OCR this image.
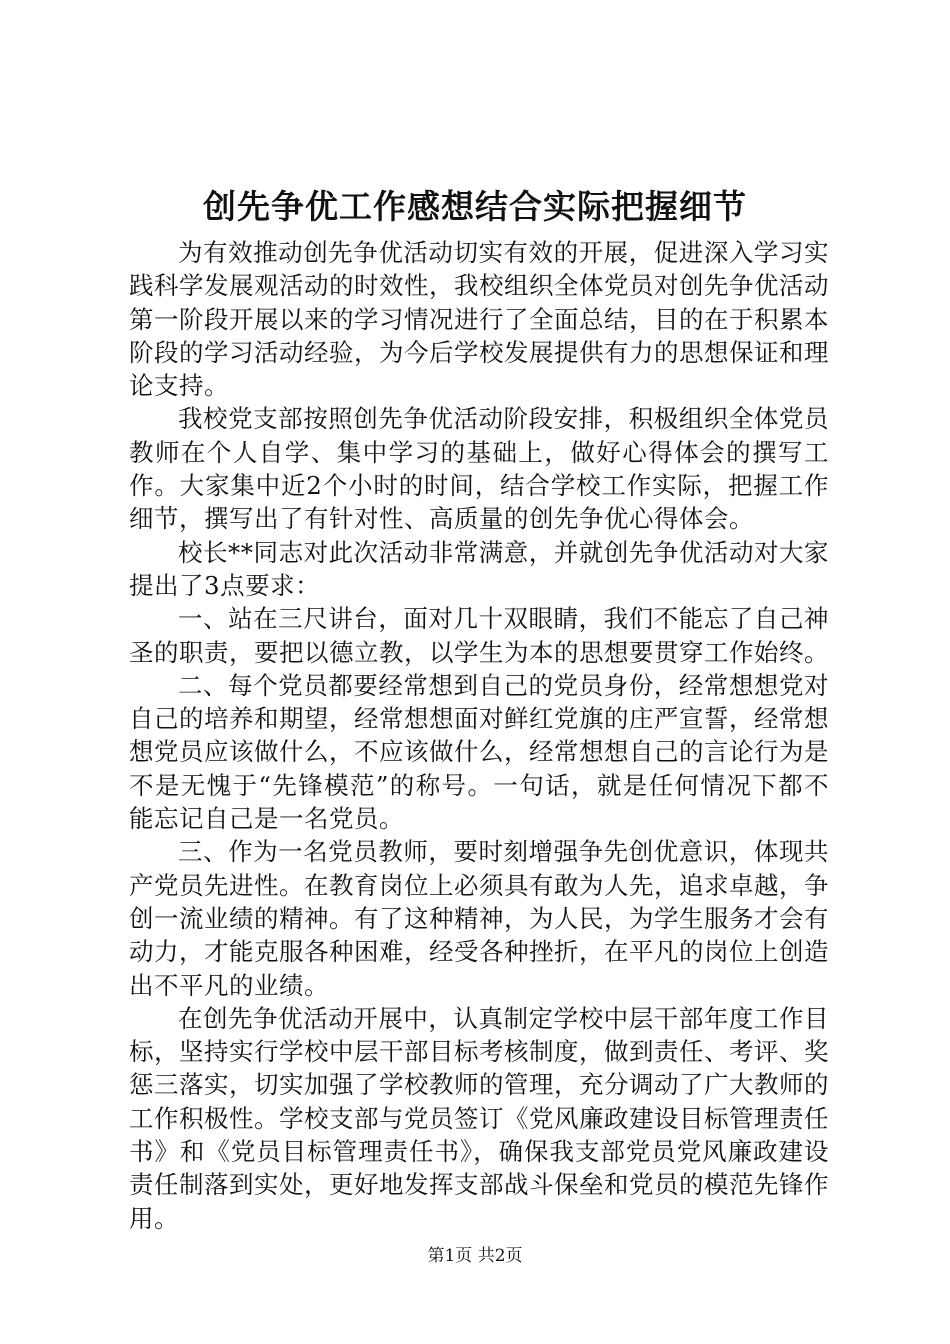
创先争优工作感想结合实际把握细节

为有效推动创先争优活动切实有效的开展，促进深入学习实践科学发展观活动的时效性，我校组织全体党员对创先争优活动第一阶段开展以来的学习情况进行了全面总结，目的在于积累本阶段的学习活动经验，为今后学校发展提供有力的思想保证和理论支持。

我校党支部按照创先争优活动阶段安排，积极组织全体党员教师在个人自学、集中学习的基础上，做好心得体会的撰写工作。大家集中近2个小时的时间，结合学校工作实际，把握工作细节，撰写出了有针对性、高质量的创先争优心得体会。

校长**同志对此次活动非常满意，并就创先争优活动对大家提出了3点要求：

一、站在三尺讲台，面对几十双眼睛，我们不能忘了自己神圣的职责，要把以德立教，以学生为本的思想要贯穿工作始终。

二、每个党员都要经常想到自己的党员身份，经常想想党对自己的培养和期望，经常想想面对鲜红党旗的庄严宣誓，经常想想党员应该做什么，不应该做什么，经常想想自己的言论行为是不是无愧于“先锋模范”的称号。一句话，就是任何情况下都不能忘记自己是一名党员。

三、作为一名党员教师，要时刻增强争先创优意识，体现共产党员先进性。在教育岗位上必须具有敢为人先，追求卓越，争创一流业绩的精神。有了这种精神，为人民，为学生服务才会有动力，才能克服各种困难，经受各种挫折，在平凡的岗位上创造出不平凡的业绩。

在创先争优活动开展中，认真制定学校中层干部年度工作目标，坚持实行学校中层干部目标考核制度，做到责任、考评、奖惩三落实，切实加强了学校教师的管理，充分调动了广大教师的工作积极性。学校支部与党员签订《党风廉政建设目标管理责任书》和《党员目标管理责任书》，确保我支部党员党风廉政建设责任制落到实处，更好地发挥支部战斗保垒和党员的模范先锋作用。

第1页 共2页
